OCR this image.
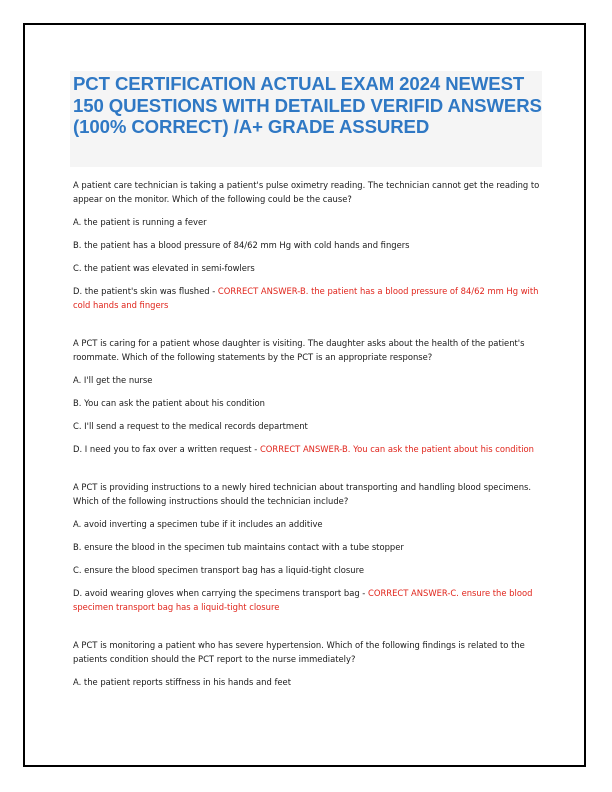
PCT CERTIFICATION ACTUAL EXAM 2024 NEWEST 150 QUESTIONS WITH DETAILED VERIFID ANSWERS (100% CORRECT) /A+ GRADE ASSURED

A patient care technician is taking a patient's pulse oximetry reading. The technician cannot get the reading to appear on the monitor. Which of the following could be the cause?

A. the patient is running a fever

B. the patient has a blood pressure of 84/62 mm Hg with cold hands and fingers

C. the patient was elevated in semi-fowlers

D. the patient's skin was flushed - CORRECT ANSWER-B. the patient has a blood pressure of 84/62 mm Hg with cold hands and fingers

A PCT is caring for a patient whose daughter is visiting. The daughter asks about the health of the patient's roommate. Which of the following statements by the PCT is an appropriate response?

A. I'll get the nurse

B. You can ask the patient about his condition

C. I'll send a request to the medical records department

D. I need you to fax over a written request - CORRECT ANSWER-B. You can ask the patient about his condition

A PCT is providing instructions to a newly hired technician about transporting and handling blood specimens. Which of the following instructions should the technician include?

A. avoid inverting a specimen tube if it includes an additive

B. ensure the blood in the specimen tub maintains contact with a tube stopper

C. ensure the blood specimen transport bag has a liquid-tight closure

D. avoid wearing gloves when carrying the specimens transport bag - CORRECT ANSWER-C. ensure the blood specimen transport bag has a liquid-tight closure

A PCT is monitoring a patient who has severe hypertension. Which of the following findings is related to the patients condition should the PCT report to the nurse immediately?

A. the patient reports stiffness in his hands and feet
